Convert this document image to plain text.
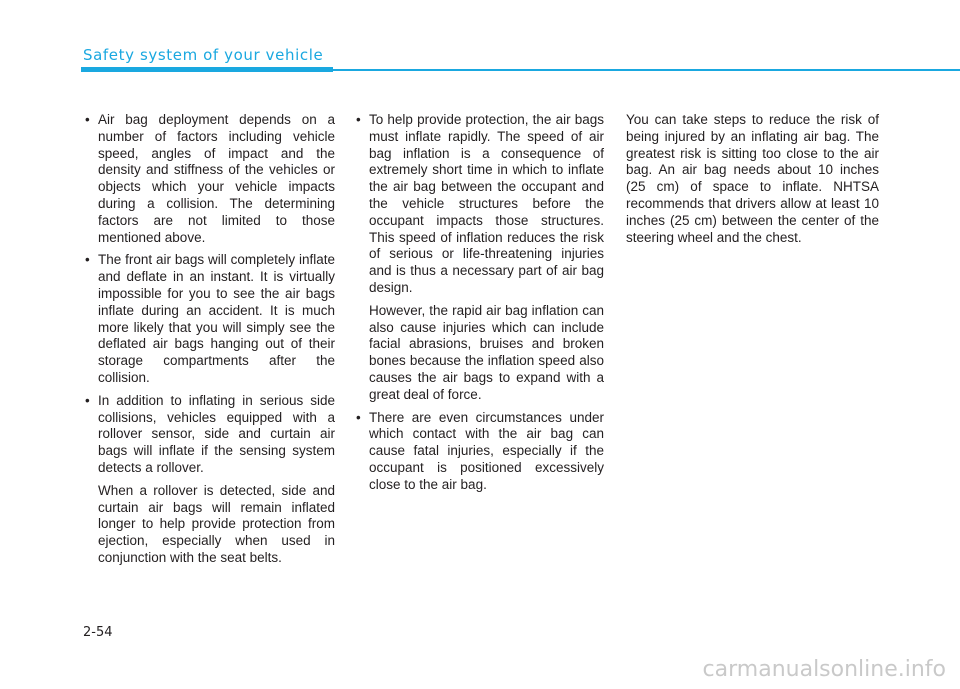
Safety system of your vehicle
• Air bag deployment depends on a number of factors including vehicle speed, angles of impact and the density and stiffness of the vehicles or objects which your vehicle impacts during a collision. The determining factors are not limited to those mentioned above.
• The front air bags will completely inflate and deflate in an instant. It is virtually impossible for you to see the air bags inflate during an accident. It is much more likely that you will simply see the deflated air bags hanging out of their storage compartments after the collision.
• In addition to inflating in serious side collisions, vehicles equipped with a rollover sensor, side and curtain air bags will inflate if the sensing system detects a rollover.

When a rollover is detected, side and curtain air bags will remain inflated longer to help provide protection from ejection, especially when used in conjunction with the seat belts.

• To help provide protection, the air bags must inflate rapidly. The speed of air bag inflation is a consequence of extremely short time in which to inflate the air bag between the occupant and the vehicle structures before the occupant impacts those structures. This speed of inflation reduces the risk of serious or life-threatening injuries and is thus a necessary part of air bag design.

However, the rapid air bag inflation can also cause injuries which can include facial abrasions, bruises and broken bones because the inflation speed also causes the air bags to expand with a great deal of force.

• There are even circumstances under which contact with the air bag can cause fatal injuries, especially if the occupant is positioned excessively close to the air bag.

You can take steps to reduce the risk of being injured by an inflating air bag. The greatest risk is sitting too close to the air bag. An air bag needs about 10 inches (25 cm) of space to inflate. NHTSA recommends that drivers allow at least 10 inches (25 cm) between the center of the steering wheel and the chest.

2-54
carmanualsonline.info
